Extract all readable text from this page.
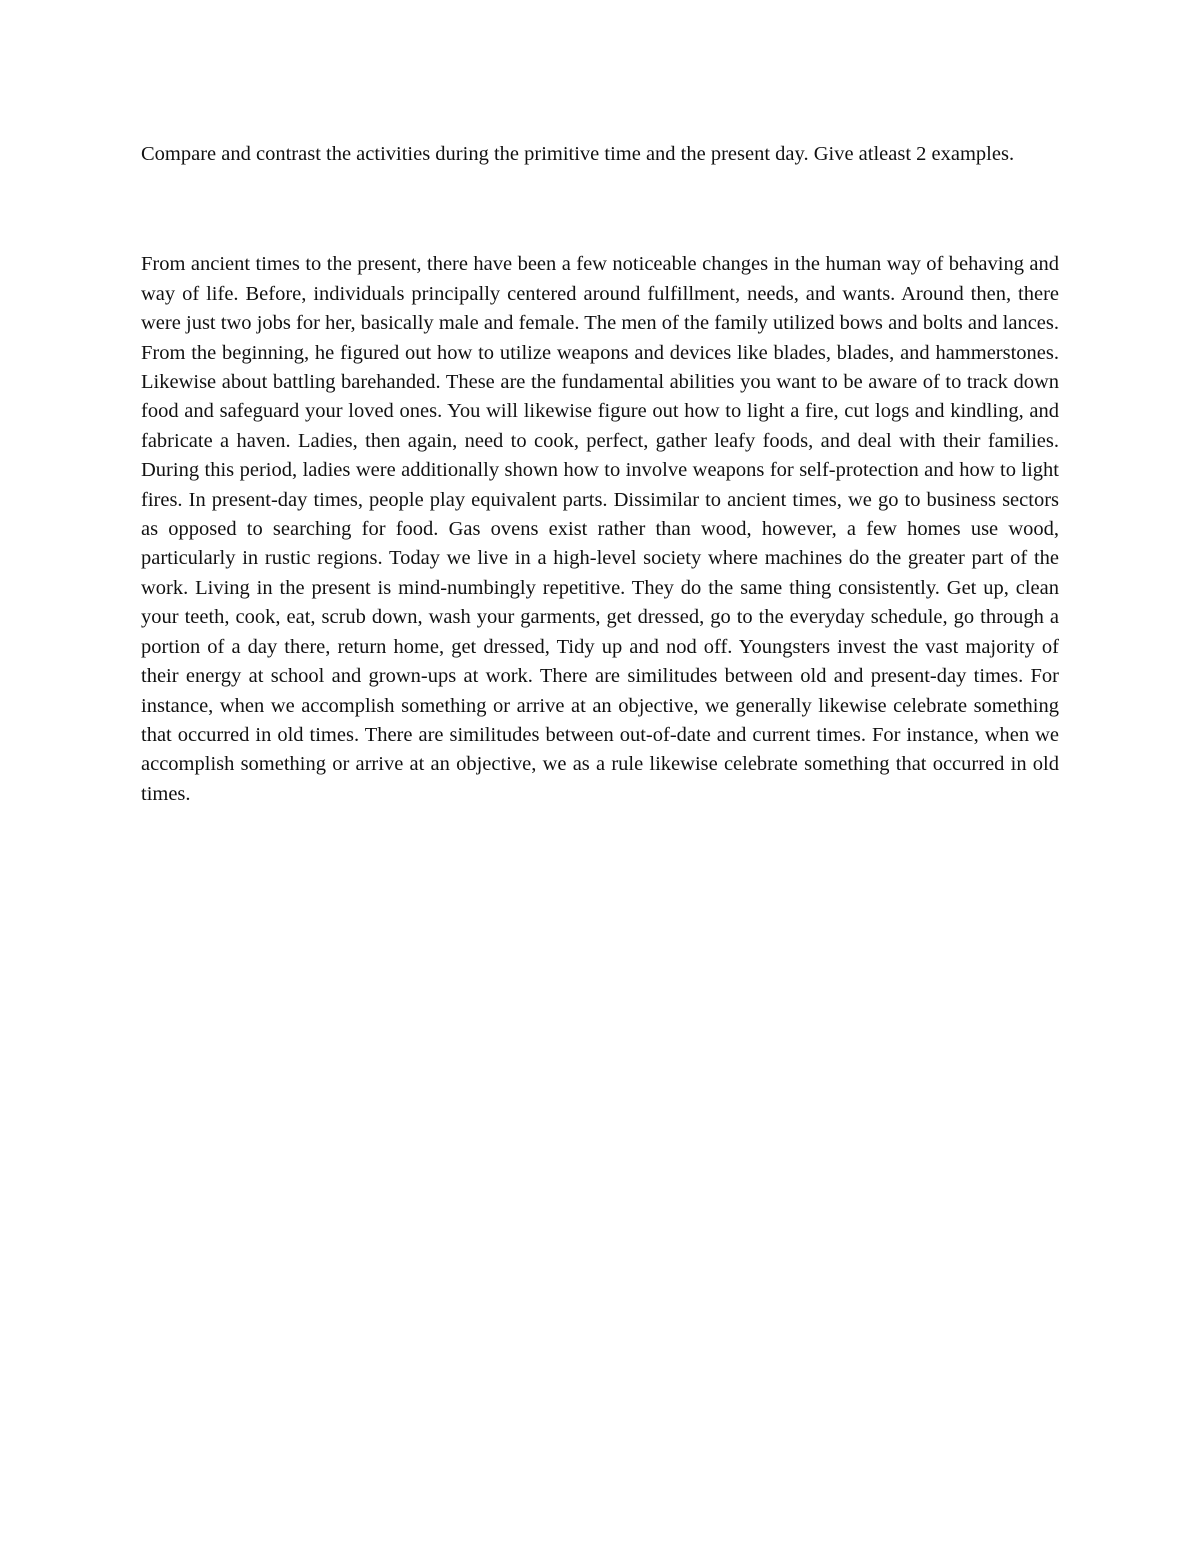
Compare and contrast the activities during the primitive time and the present day. Give atleast 2 examples.

From ancient times to the present, there have been a few noticeable changes in the human way of behaving and way of life. Before, individuals principally centered around fulfillment, needs, and wants. Around then, there were just two jobs for her, basically male and female. The men of the family utilized bows and bolts and lances. From the beginning, he figured out how to utilize weapons and devices like blades, blades, and hammerstones. Likewise about battling barehanded. These are the fundamental abilities you want to be aware of to track down food and safeguard your loved ones. You will likewise figure out how to light a fire, cut logs and kindling, and fabricate a haven. Ladies, then again, need to cook, perfect, gather leafy foods, and deal with their families. During this period, ladies were additionally shown how to involve weapons for self-protection and how to light fires. In present-day times, people play equivalent parts. Dissimilar to ancient times, we go to business sectors as opposed to searching for food. Gas ovens exist rather than wood, however, a few homes use wood, particularly in rustic regions. Today we live in a high-level society where machines do the greater part of the work. Living in the present is mind-numbingly repetitive. They do the same thing consistently. Get up, clean your teeth, cook, eat, scrub down, wash your garments, get dressed, go to the everyday schedule, go through a portion of a day there, return home, get dressed, Tidy up and nod off. Youngsters invest the vast majority of their energy at school and grown-ups at work. There are similitudes between old and present-day times. For instance, when we accomplish something or arrive at an objective, we generally likewise celebrate something that occurred in old times. There are similitudes between out-of-date and current times. For instance, when we accomplish something or arrive at an objective, we as a rule likewise celebrate something that occurred in old times.
